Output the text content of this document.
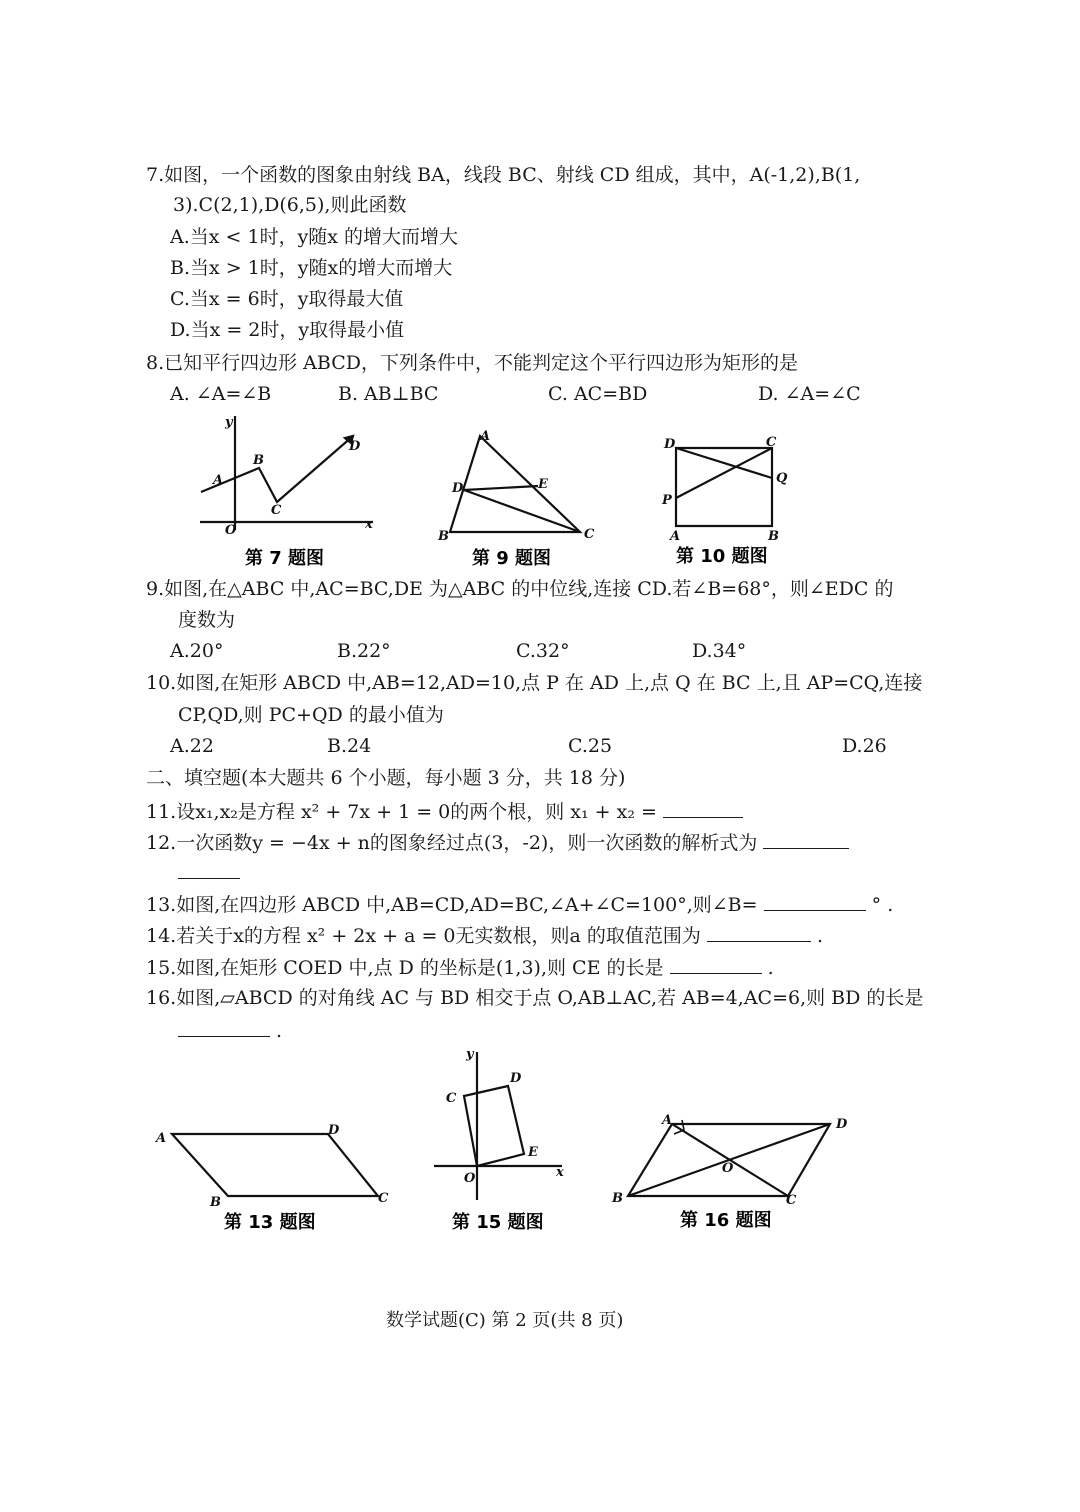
7.如图，一个函数的图象由射线 BA，线段 BC、射线 CD 组成，其中，A(-1,2),B(1,
3).C(2,1),D(6,5),则此函数
A.当x < 1时，y随x 的增大而增大
B.当x > 1时，y随x的增大而增大
C.当x = 6时，y取得最大值
D.当x = 2时，y取得最小值
8.已知平行四边形 ABCD，下列条件中，不能判定这个平行四边形为矩形的是
A. ∠A=∠B	B. AB⊥BC	C. AC=BD	D. ∠A=∠C
y
A
B
C
D
O	x
第 7 题图
A
B	C
D	E
第 9 题图
D	C
Q
P
A	B
第 10 题图
9.如图,在△ABC 中,AC=BC,DE 为△ABC 的中位线,连接 CD.若∠B=68°，则∠EDC 的
度数为
A.20°	B.22°	C.32°	D.34°
10.如图,在矩形 ABCD 中,AB=12,AD=10,点 P 在 AD 上,点 Q 在 BC 上,且 AP=CQ,连接
CP,QD,则 PC+QD 的最小值为
A.22	B.24	C.25	D.26
二、填空题(本大题共 6 个小题，每小题 3 分，共 18 分)
11.设x₁,x₂是方程 x² + 7x + 1 = 0的两个根，则 x₁ + x₂ =
12.一次函数y = −4x + n的图象经过点(3，-2)，则一次函数的解析式为
13.如图,在四边形 ABCD 中,AB=CD,AD=BC,∠A+∠C=100°,则∠B=	° .
14.若关于x的方程 x² + 2x + a = 0无实数根，则a 的取值范围为	.
15.如图,在矩形 COED 中,点 D 的坐标是(1,3),则 CE 的长是	.
16.如图,▱ABCD 的对角线 AC 与 BD 相交于点 O,AB⊥AC,若 AB=4,AC=6,则 BD 的长是
.
A
D
B	C
第 13 题图
y
C
D
E
O	x
第 15 题图
A	D
B	C
O
第 16 题图
数学试题(C) 第 2 页(共 8 页)
